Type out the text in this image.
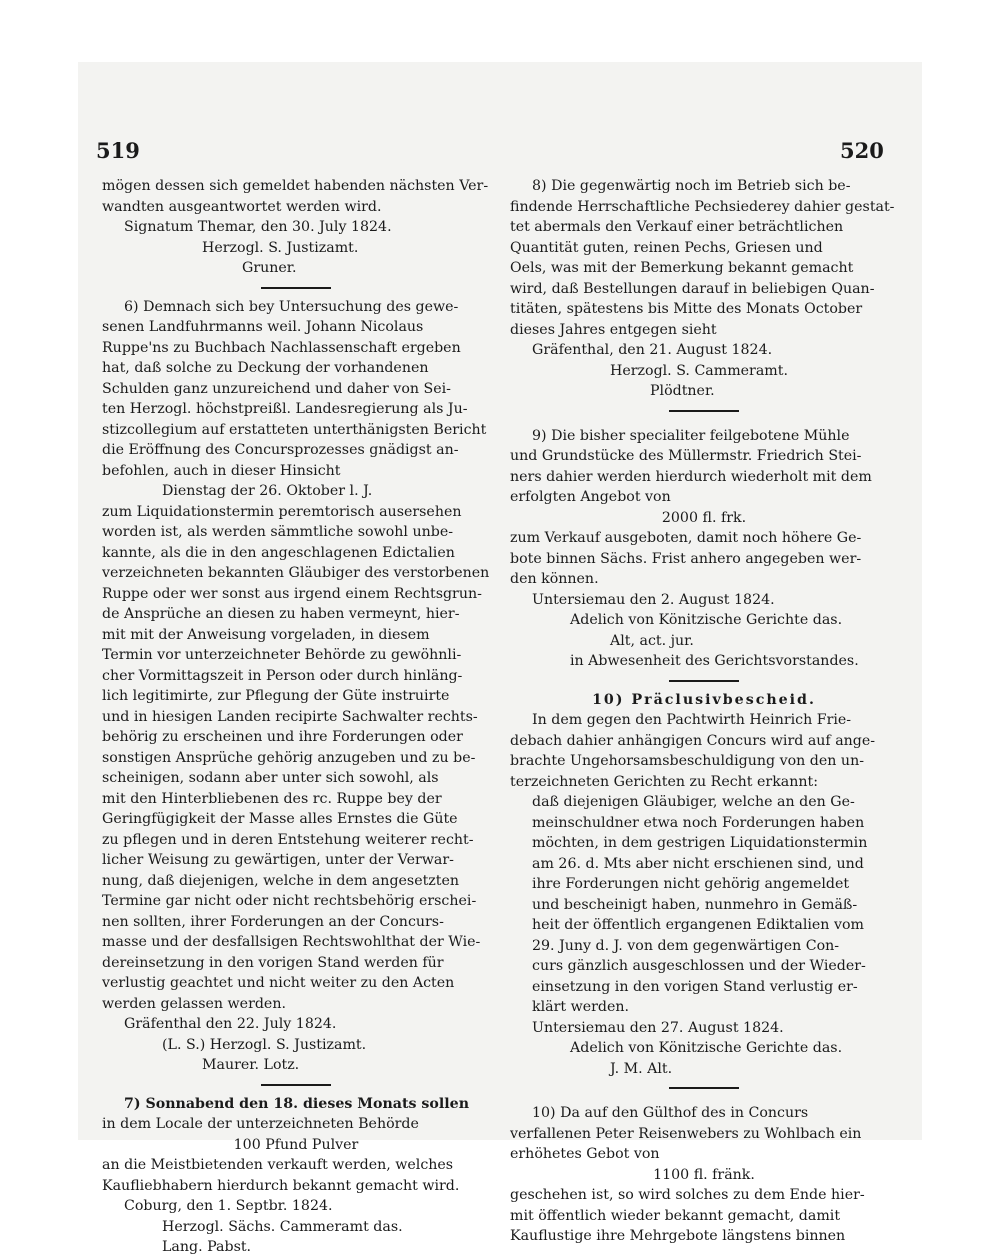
519	520

mögen dessen sich gemeldet habenden nächsten Ver-

wandten ausgeantwortet werden wird.

Signatum Themar, den 30. July 1824.

Herzogl. S. Justizamt.

Gruner.

6) Demnach sich bey Untersuchung des gewe-

senen Landfuhrmanns weil. Johann Nicolaus

Ruppe'ns zu Buchbach Nachlassenschaft ergeben

hat, daß solche zu Deckung der vorhandenen

Schulden ganz unzureichend und daher von Sei-

ten Herzogl. höchstpreißl. Landesregierung als Ju-

stizcollegium auf erstatteten unterthänigsten Bericht

die Eröffnung des Concursprozesses gnädigst an-

befohlen, auch in dieser Hinsicht

Dienstag der 26. Oktober l. J.

zum Liquidationstermin peremtorisch ausersehen

worden ist, als werden sämmtliche sowohl unbe-

kannte, als die in den angeschlagenen Edictalien

verzeichneten bekannten Gläubiger des verstorbenen

Ruppe oder wer sonst aus irgend einem Rechtsgrun-

de Ansprüche an diesen zu haben vermeynt, hier-

mit mit der Anweisung vorgeladen, in diesem

Termin vor unterzeichneter Behörde zu gewöhnli-

cher Vormittagszeit in Person oder durch hinläng-

lich legitimirte, zur Pflegung der Güte instruirte

und in hiesigen Landen recipirte Sachwalter rechts-

behörig zu erscheinen und ihre Forderungen oder

sonstigen Ansprüche gehörig anzugeben und zu be-

scheinigen, sodann aber unter sich sowohl, als

mit den Hinterbliebenen des rc. Ruppe bey der

Geringfügigkeit der Masse alles Ernstes die Güte

zu pflegen und in deren Entstehung weiterer recht-

licher Weisung zu gewärtigen, unter der Verwar-

nung, daß diejenigen, welche in dem angesetzten

Termine gar nicht oder nicht rechtsbehörig erschei-

nen sollten, ihrer Forderungen an der Concurs-

masse und der desfallsigen Rechtswohlthat der Wie-

dereinsetzung in den vorigen Stand werden für

verlustig geachtet und nicht weiter zu den Acten

werden gelassen werden.

Gräfenthal den 22. July 1824.

(L. S.) Herzogl. S. Justizamt.

Maurer. Lotz.

7) Sonnabend den 18. dieses Monats sollen

in dem Locale der unterzeichneten Behörde

100 Pfund Pulver

an die Meistbietenden verkauft werden, welches

Kaufliebhabern hierdurch bekannt gemacht wird.

Coburg, den 1. Septbr. 1824.

Herzogl. Sächs. Cammeramt das.

Lang. Pabst.

8) Die gegenwärtig noch im Betrieb sich be-

findende Herrschaftliche Pechsiederey dahier gestat-

tet abermals den Verkauf einer beträchtlichen

Quantität guten, reinen Pechs, Griesen und

Oels, was mit der Bemerkung bekannt gemacht

wird, daß Bestellungen darauf in beliebigen Quan-

titäten, spätestens bis Mitte des Monats October

dieses Jahres entgegen sieht

Gräfenthal, den 21. August 1824.

Herzogl. S. Cammeramt.

Plödtner.

9) Die bisher specialiter feilgebotene Mühle

und Grundstücke des Müllermstr. Friedrich Stei-

ners dahier werden hierdurch wiederholt mit dem

erfolgten Angebot von

2000 fl. frk.

zum Verkauf ausgeboten, damit noch höhere Ge-

bote binnen Sächs. Frist anhero angegeben wer-

den können.

Untersiemau den 2. August 1824.

Adelich von Könitzische Gerichte das.

Alt, act. jur.

in Abwesenheit des Gerichtsvorstandes.

10) Präclusivbescheid.

In dem gegen den Pachtwirth Heinrich Frie-

debach dahier anhängigen Concurs wird auf ange-

brachte Ungehorsamsbeschuldigung von den un-

terzeichneten Gerichten zu Recht erkannt:

daß diejenigen Gläubiger, welche an den Ge-

meinschuldner etwa noch Forderungen haben

möchten, in dem gestrigen Liquidationstermin

am 26. d. Mts aber nicht erschienen sind, und

ihre Forderungen nicht gehörig angemeldet

und bescheinigt haben, nunmehro in Gemäß-

heit der öffentlich ergangenen Ediktalien vom

29. Juny d. J. von dem gegenwärtigen Con-

curs gänzlich ausgeschlossen und der Wieder-

einsetzung in den vorigen Stand verlustig er-

klärt werden.

Untersiemau den 27. August 1824.

Adelich von Könitzische Gerichte das.

J. M. Alt.

10) Da auf den Gülthof des in Concurs

verfallenen Peter Reisenwebers zu Wohlbach ein

erhöhetes Gebot von

1100 fl. fränk.

geschehen ist, so wird solches zu dem Ende hier-

mit öffentlich wieder bekannt gemacht, damit

Kauflustige ihre Mehrgebote längstens binnen
